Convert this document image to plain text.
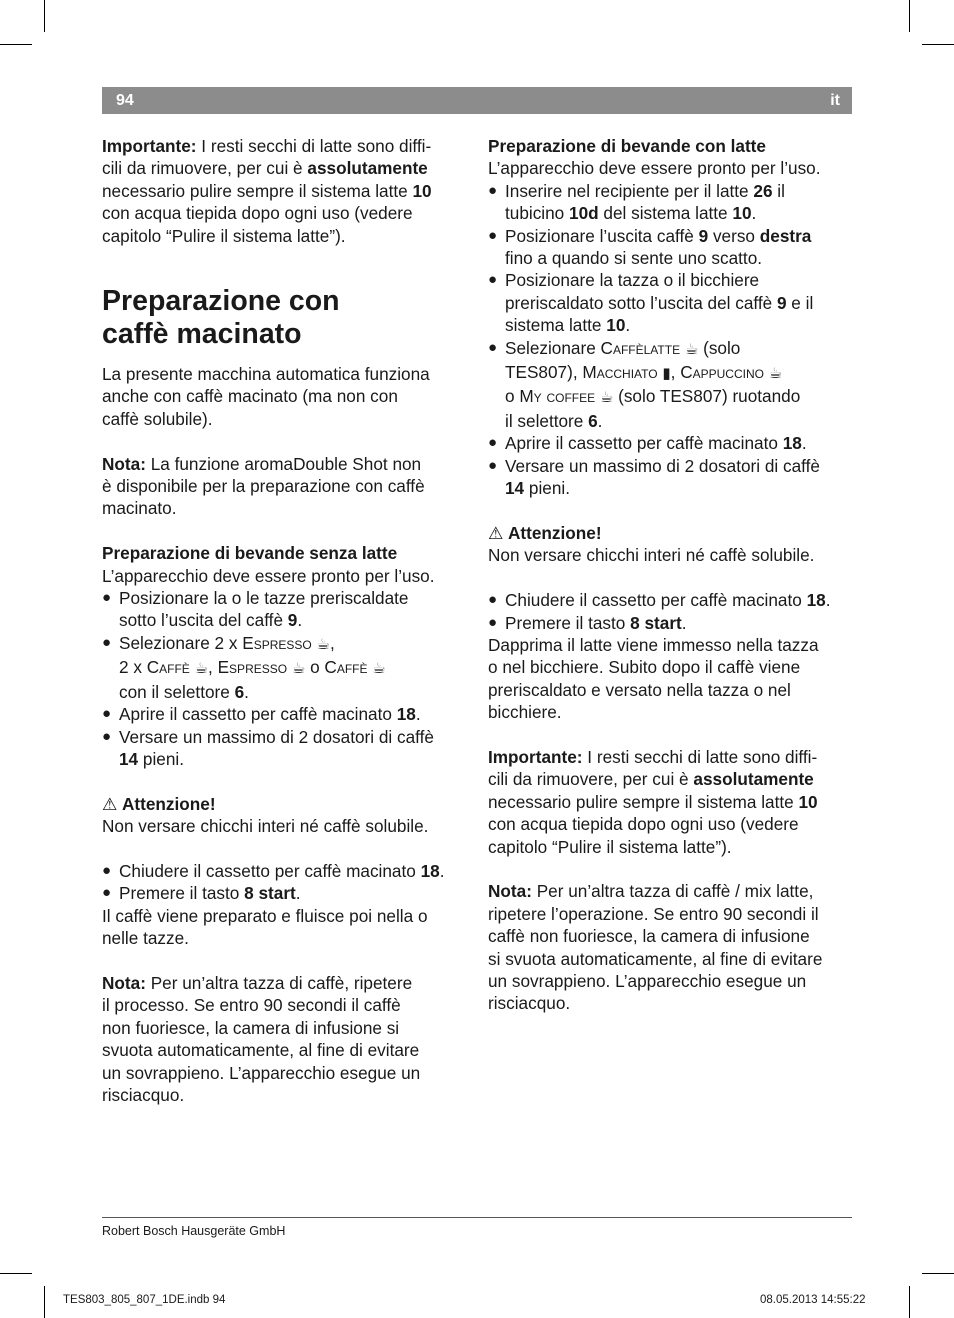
94	it

Importante: I resti secchi di latte sono diffi-
cili da rimuovere, per cui è assolutamente
necessario pulire sempre il sistema latte 10
con acqua tiepida dopo ogni uso (vedere
capitolo “Pulire il sistema latte”).

Preparazione con
caffè macinato

La presente macchina automatica funziona
anche con caffè macinato (ma non con
caffè solubile).

Nota: La funzione aromaDouble Shot non
è disponibile per la preparazione con caffè
macinato.

Preparazione di bevande senza latte

L’apparecchio deve essere pronto per l’uso.

● Posizionare la o le tazze preriscaldate
sotto l’uscita del caffè 9.
● Selezionare 2 x Espresso ☕,
2 x Caffè ☕, Espresso ☕ o Caffè ☕
con il selettore 6.
● Aprire il cassetto per caffè macinato 18.
● Versare un massimo di 2 dosatori di caffè
14 pieni.

⚠ Attenzione!

Non versare chicchi interi né caffè solubile.

● Chiudere il cassetto per caffè macinato 18.
● Premere il tasto 8 start.

Il caffè viene preparato e fluisce poi nella o
nelle tazze.

Nota: Per un’altra tazza di caffè, ripetere
il processo. Se entro 90 secondi il caffè
non fuoriesce, la camera di infusione si
svuota automaticamente, al fine di evitare
un sovrappieno. L’apparecchio esegue un
risciacquo.

Preparazione di bevande con latte

L’apparecchio deve essere pronto per l’uso.

● Inserire nel recipiente per il latte 26 il
tubicino 10d del sistema latte 10.
● Posizionare l’uscita caffè 9 verso destra
fino a quando si sente uno scatto.
● Posizionare la tazza o il bicchiere
preriscaldato sotto l’uscita del caffè 9 e il
sistema latte 10.
● Selezionare Caffèlatte ☕ (solo
TES807), Macchiato ▮, Cappuccino ☕
o My coffee ☕ (solo TES807) ruotando
il selettore 6.
● Aprire il cassetto per caffè macinato 18.
● Versare un massimo di 2 dosatori di caffè
14 pieni.

⚠ Attenzione!

Non versare chicchi interi né caffè solubile.

● Chiudere il cassetto per caffè macinato 18.
● Premere il tasto 8 start.

Dapprima il latte viene immesso nella tazza
o nel bicchiere. Subito dopo il caffè viene
preriscaldato e versato nella tazza o nel
bicchiere.

Importante: I resti secchi di latte sono diffi-
cili da rimuovere, per cui è assolutamente
necessario pulire sempre il sistema latte 10
con acqua tiepida dopo ogni uso (vedere
capitolo “Pulire il sistema latte”).

Nota: Per un’altra tazza di caffè / mix latte,
ripetere l’operazione. Se entro 90 secondi il
caffè non fuoriesce, la camera di infusione
si svuota automaticamente, al fine di evitare
un sovrappieno. L’apparecchio esegue un
risciacquo.

Robert Bosch Hausgeräte GmbH
TES803_805_807_1DE.indb 94	08.05.2013 14:55:22
